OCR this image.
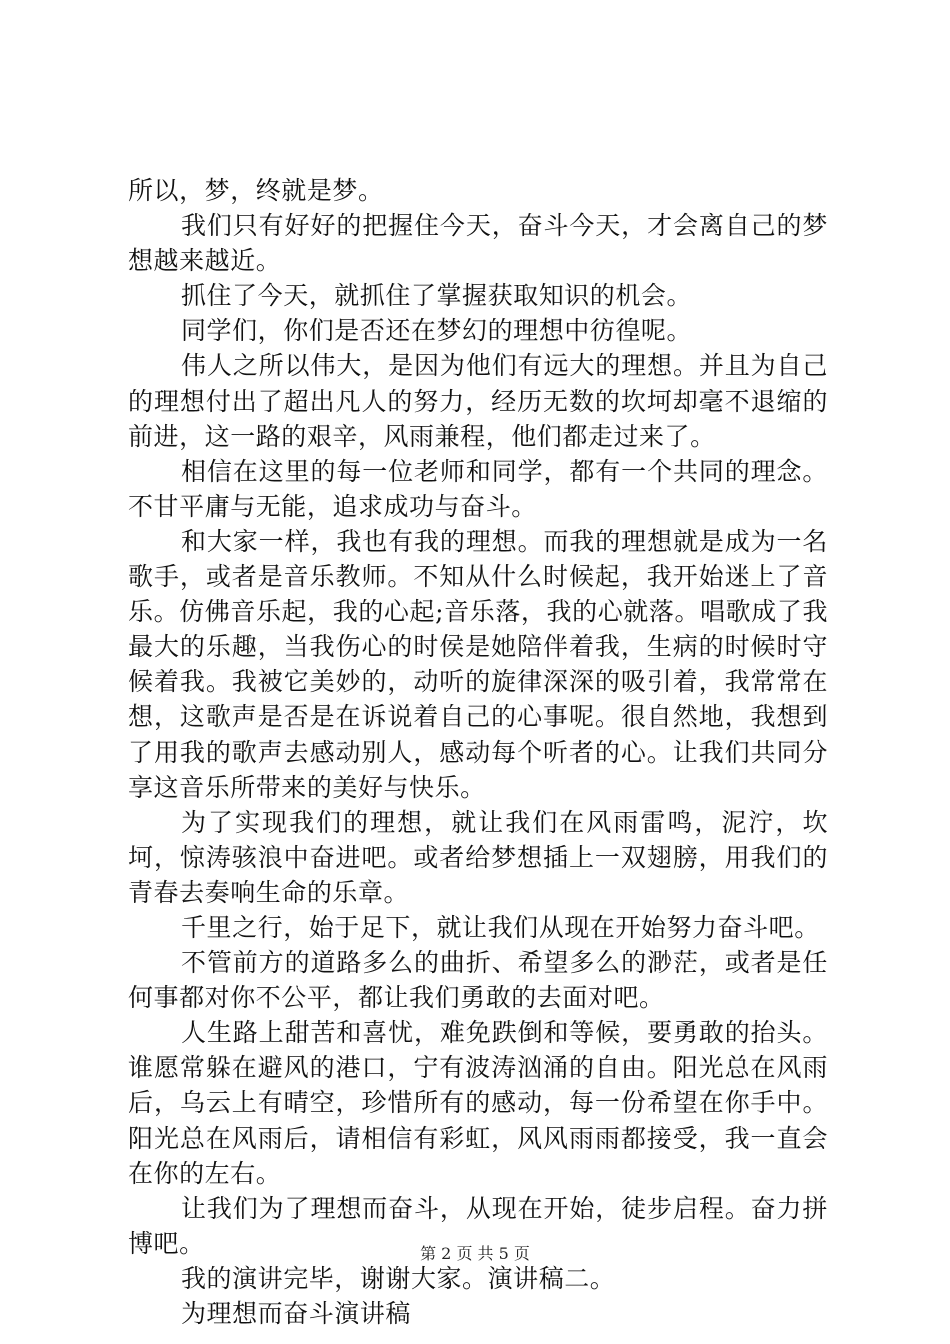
所以，梦，终就是梦。

我们只有好好的把握住今天，奋斗今天，才会离自己的梦想越来越近。

抓住了今天，就抓住了掌握获取知识的机会。

同学们，你们是否还在梦幻的理想中彷徨呢。

伟人之所以伟大，是因为他们有远大的理想。并且为自己的理想付出了超出凡人的努力，经历无数的坎坷却毫不退缩的前进，这一路的艰辛，风雨兼程，他们都走过来了。

相信在这里的每一位老师和同学，都有一个共同的理念。不甘平庸与无能，追求成功与奋斗。

和大家一样，我也有我的理想。而我的理想就是成为一名歌手，或者是音乐教师。不知从什么时候起，我开始迷上了音乐。仿佛音乐起，我的心起;音乐落，我的心就落。唱歌成了我最大的乐趣，当我伤心的时侯是她陪伴着我，生病的时候时守候着我。我被它美妙的，动听的旋律深深的吸引着，我常常在想，这歌声是否是在诉说着自己的心事呢。很自然地，我想到了用我的歌声去感动别人，感动每个听者的心。让我们共同分享这音乐所带来的美好与快乐。

为了实现我们的理想，就让我们在风雨雷鸣，泥泞，坎坷，惊涛骇浪中奋进吧。或者给梦想插上一双翅膀，用我们的青春去奏响生命的乐章。

千里之行，始于足下，就让我们从现在开始努力奋斗吧。

不管前方的道路多么的曲折、希望多么的渺茫，或者是任何事都对你不公平，都让我们勇敢的去面对吧。

人生路上甜苦和喜忧，难免跌倒和等候，要勇敢的抬头。谁愿常躲在避风的港口，宁有波涛汹涌的自由。阳光总在风雨后，乌云上有晴空，珍惜所有的感动，每一份希望在你手中。阳光总在风雨后，请相信有彩虹，风风雨雨都接受，我一直会在你的左右。

让我们为了理想而奋斗，从现在开始，徒步启程。奋力拼博吧。

我的演讲完毕，谢谢大家。演讲稿二。

为理想而奋斗演讲稿

第 2 页 共 5 页
